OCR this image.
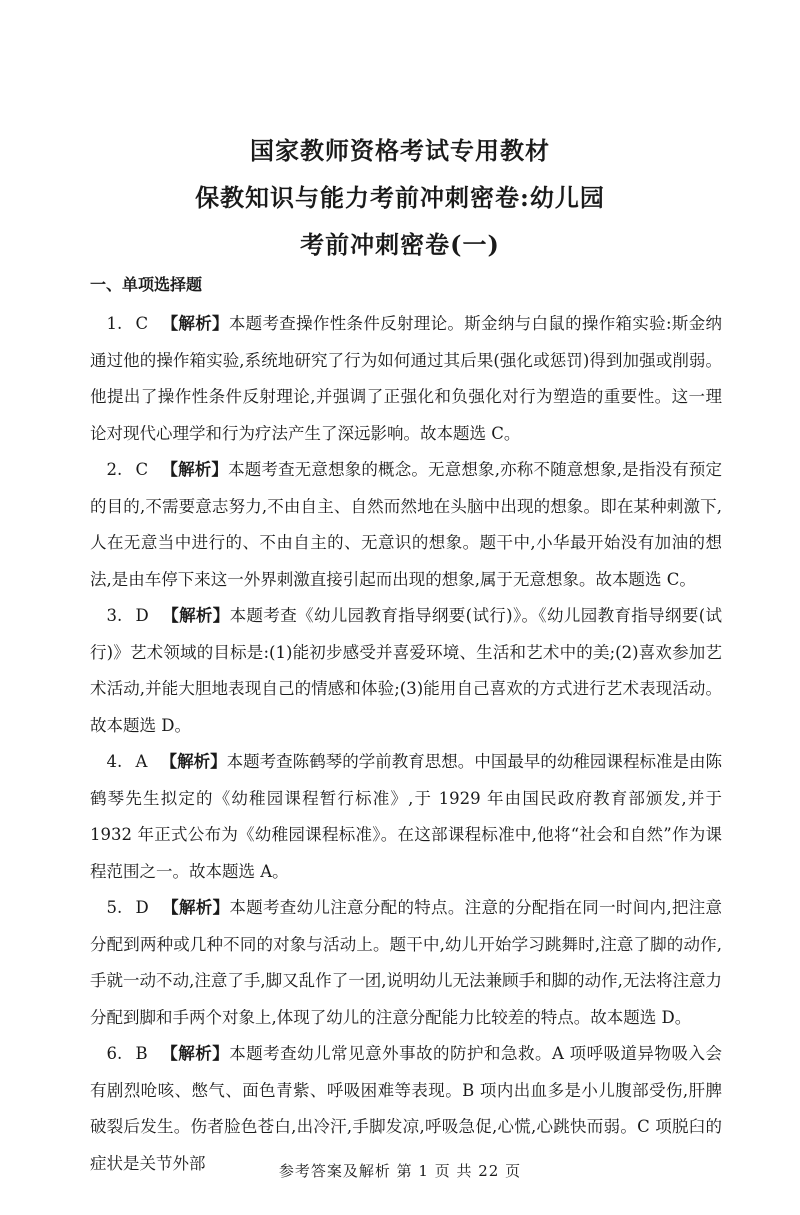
国家教师资格考试专用教材
保教知识与能力考前冲刺密卷:幼儿园
考前冲刺密卷(一)
一、单项选择题

1. C 【解析】本题考查操作性条件反射理论。斯金纳与白鼠的操作箱实验:斯金纳通过他的操作箱实验,系统地研究了行为如何通过其后果(强化或惩罚)得到加强或削弱。他提出了操作性条件反射理论,并强调了正强化和负强化对行为塑造的重要性。这一理论对现代心理学和行为疗法产生了深远影响。故本题选 C。

2. C 【解析】本题考查无意想象的概念。无意想象,亦称不随意想象,是指没有预定的目的,不需要意志努力,不由自主、自然而然地在头脑中出现的想象。即在某种刺激下,人在无意当中进行的、不由自主的、无意识的想象。题干中,小华最开始没有加油的想法,是由车停下来这一外界刺激直接引起而出现的想象,属于无意想象。故本题选 C。

3. D 【解析】本题考查《幼儿园教育指导纲要(试行)》。《幼儿园教育指导纲要(试行)》艺术领域的目标是:(1)能初步感受并喜爱环境、生活和艺术中的美;(2)喜欢参加艺术活动,并能大胆地表现自己的情感和体验;(3)能用自己喜欢的方式进行艺术表现活动。故本题选 D。

4. A 【解析】本题考查陈鹤琴的学前教育思想。中国最早的幼稚园课程标准是由陈鹤琴先生拟定的《幼稚园课程暂行标准》,于 1929 年由国民政府教育部颁发,并于 1932 年正式公布为《幼稚园课程标准》。在这部课程标准中,他将“社会和自然”作为课程范围之一。故本题选 A。

5. D 【解析】本题考查幼儿注意分配的特点。注意的分配指在同一时间内,把注意分配到两种或几种不同的对象与活动上。题干中,幼儿开始学习跳舞时,注意了脚的动作,手就一动不动,注意了手,脚又乱作了一团,说明幼儿无法兼顾手和脚的动作,无法将注意力分配到脚和手两个对象上,体现了幼儿的注意分配能力比较差的特点。故本题选 D。

6. B 【解析】本题考查幼儿常见意外事故的防护和急救。A 项呼吸道异物吸入会有剧烈呛咳、憋气、面色青紫、呼吸困难等表现。B 项内出血多是小儿腹部受伤,肝脾破裂后发生。伤者脸色苍白,出冷汗,手脚发凉,呼吸急促,心慌,心跳快而弱。C 项脱臼的症状是关节外部	参考答案及解析 第 1 页 共 22 页
